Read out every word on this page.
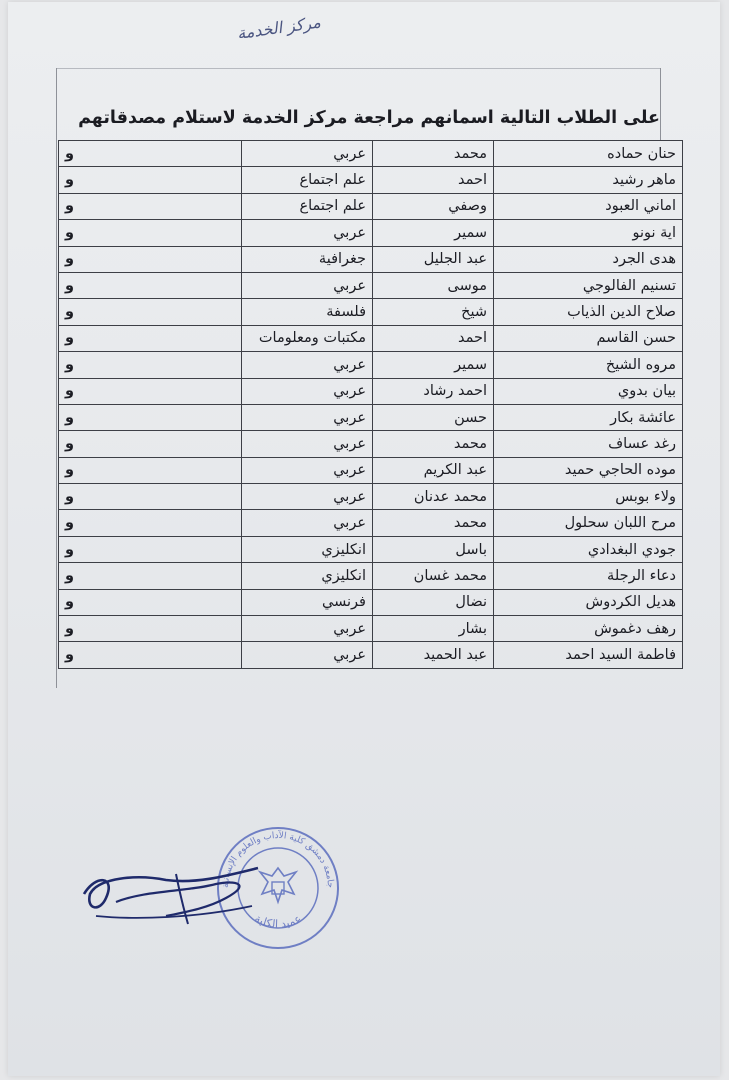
مركز الخدمة
على الطلاب التالية اسمانهم مراجعة مركز الخدمة لاستلام مصدقاتهم
حنان حماده	محمد	عربي	و
ماهر رشيد	احمد	علم اجتماع	و
اماني العبود	وصفي	علم اجتماع	و
اية نونو	سمير	عربي	و
هدى الجرد	عبد الجليل	جغرافية	و
تسنيم الفالوجي	موسى	عربي	و
صلاح الدين الذياب	شيخ	فلسفة	و
حسن القاسم	احمد	مكتبات ومعلومات	و
مروه الشيخ	سمير	عربي	و
بيان بدوي	احمد رشاد	عربي	و
عائشة بكار	حسن	عربي	و
رغد عساف	محمد	عربي	و
موده الحاجي حميد	عبد الكريم	عربي	و
ولاء بوبس	محمد عدنان	عربي	و
مرح اللبان سحلول	محمد	عربي	و
جودي البغدادي	باسل	انكليزي	و
دعاء الرجلة	محمد غسان	انكليزي	و
هديل الكردوش	نضال	فرنسي	و
رهف دغموش	بشار	عربي	و
فاطمة السيد احمد	عبد الحميد	عربي	و
جامعة دمشق كلية الآداب والعلوم الإنسانية
عميد الكلية
